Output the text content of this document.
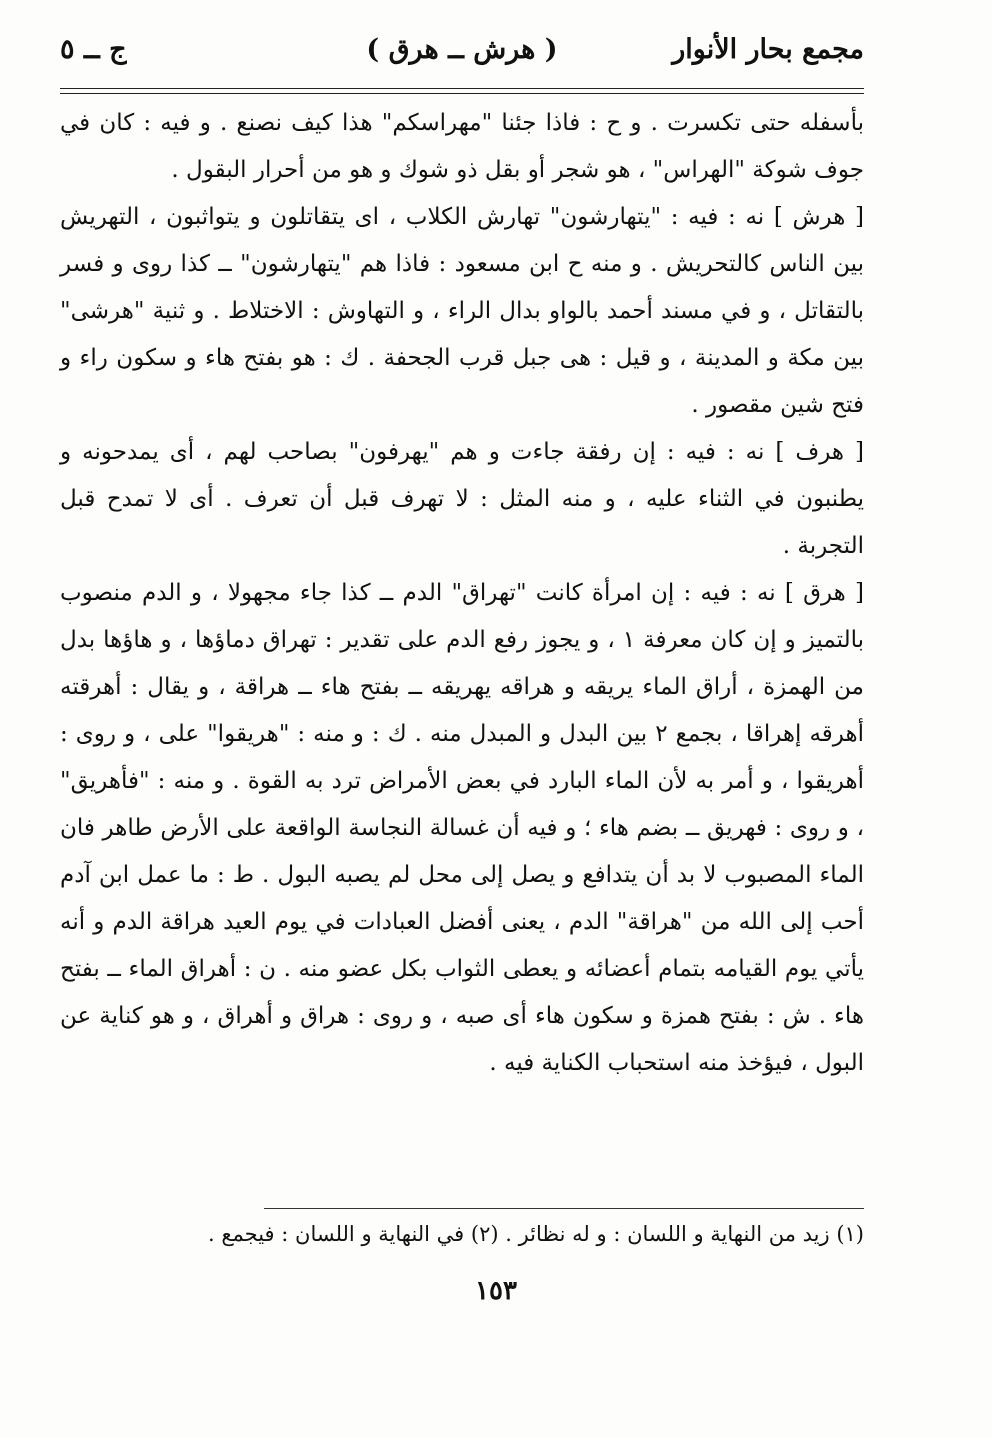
مجمع بحار الأنوار
( هرش ــ هرق )
ج ــ ٥

بأسفله حتى تكسرت . و ح : فاذا جئنا "مهراسكم" هذا كيف نصنع . و فيه : كان في جوف شوكة "الهراس" ، هو شجر أو بقل ذو شوك و هو من أحرار البقول .

[ هرش ] نه : فيه : "يتهارشون" تهارش الكلاب ، اى يتقاتلون و يتواثبون ، التهريش بين الناس كالتحريش . و منه ح ابن مسعود : فاذا هم "يتهارشون" ــ كذا روى و فسر بالتقاتل ، و في مسند أحمد بالواو بدال الراء ، و التهاوش : الاختلاط . و ثنية "هرشى" بين مكة و المدينة ، و قيل : هى جبل قرب الجحفة . ك : هو بفتح هاء و سكون راء و فتح شين مقصور .

[ هرف ] نه : فيه : إن رفقة جاءت و هم "يهرفون" بصاحب لهم ، أى يمدحونه و يطنبون في الثناء عليه ، و منه المثل : لا تهرف قبل أن تعرف . أى لا تمدح قبل التجربة .

[ هرق ] نه : فيه : إن امرأة كانت "تهراق" الدم ــ كذا جاء مجهولا ، و الدم منصوب بالتميز و إن كان معرفة ١ ، و يجوز رفع الدم على تقدير : تهراق دماؤها ، و هاؤها بدل من الهمزة ، أراق الماء يريقه و هراقه يهريقه ــ بفتح هاء ــ هراقة ، و يقال : أهرقته أهرقه إهراقا ، بجمع ٢ بين البدل و المبدل منه . ك : و منه : "هريقوا" على ، و روى : أهريقوا ، و أمر به لأن الماء البارد في بعض الأمراض ترد به القوة . و منه : "فأهريق" ، و روى : فهريق ــ بضم هاء ؛ و فيه أن غسالة النجاسة الواقعة على الأرض طاهر فان الماء المصبوب لا بد أن يتدافع و يصل إلى محل لم يصبه البول . ط : ما عمل ابن آدم أحب إلى الله من "هراقة" الدم ، يعنى أفضل العبادات في يوم العيد هراقة الدم و أنه يأتي يوم القيامه بتمام أعضائه و يعطى الثواب بكل عضو منه . ن : أهراق الماء ــ بفتح هاء . ش : بفتح همزة و سكون هاء أى صبه ، و روى : هراق و أهراق ، و هو كناية عن البول ، فيؤخذ منه استحباب الكناية فيه .

(١) زيد من النهاية و اللسان : و له نظائر . (٢) في النهاية و اللسان : فيجمع .
١٥٣
